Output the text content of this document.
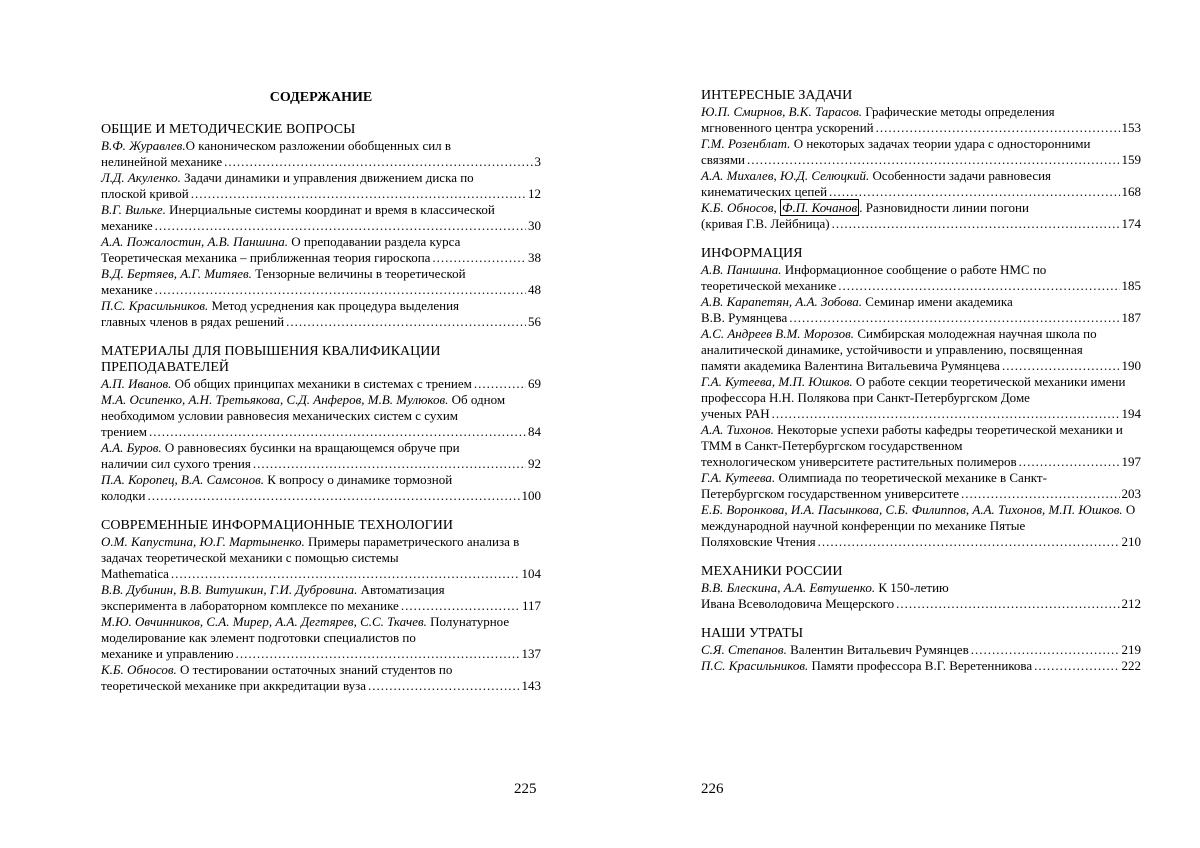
СОДЕРЖАНИЕ
ОБЩИЕ И МЕТОДИЧЕСКИЕ ВОПРОСЫ
В.Ф. Журавлев.О каноническом разложении обобщенных сил в
нелинейной механике .....	3
Л.Д. Акуленко. Задачи динамики и управления движением диска по
плоской кривой .....	12
В.Г. Вильке. Инерциальные системы координат и время в классической
механике .....	30
А.А. Пожалостин, А.В. Паншина. О преподавании раздела курса
Теоретическая механика – приближенная теория гироскопа .....	38
В.Д. Бертяев, А.Г. Митяев. Тензорные величины в теоретической
механике .....	48
П.С. Красильников. Метод усреднения как процедура выделения
главных членов в рядах решений .....	56
МАТЕРИАЛЫ ДЛЯ ПОВЫШЕНИЯ КВАЛИФИКАЦИИ ПРЕПОДАВАТЕЛЕЙ
А.П. Иванов. Об общих принципах механики в системах с трением .....	69
М.А. Осипенко, А.Н. Третьякова, С.Д. Анферов, М.В. Мулюков. Об одном необходимом условии равновесия механических систем с сухим
трением .....	84
А.А. Буров. О равновесиях бусинки на вращающемся обруче при
наличии сил сухого трения .....	92
П.А. Коропец, В.А. Самсонов. К вопросу о динамике тормозной
колодки .....	100
СОВРЕМЕННЫЕ ИНФОРМАЦИОННЫЕ ТЕХНОЛОГИИ
О.М. Капустина, Ю.Г. Мартыненко. Примеры параметрического анализа в задачах теоретической механики с помощью системы
Mathematica .....	104
В.В. Дубинин, В.В. Витушкин, Г.И. Дубровина. Автоматизация
эксперимента в лабораторном комплексе по механике .....	117
М.Ю. Овчинников, С.А. Мирер, А.А. Дегтярев, С.С. Ткачев. Полунатурное моделирование как элемент подготовки специалистов по
механике и управлению .....	137
К.Б. Обносов. О тестировании остаточных знаний студентов по
теоретической механике при аккредитации вуза .....	143
225
ИНТЕРЕСНЫЕ ЗАДАЧИ
Ю.П. Смирнов, В.К. Тарасов. Графические методы определения
мгновенного центра ускорений .....	153
Г.М. Розенблат. О некоторых задачах теории удара с односторонними
связями .....	159
А.А. Михалев, Ю.Д. Селюцкий. Особенности задачи равновесия
кинематических цепей .....	168
К.Б. Обносов, Ф.П. Кочанов . Разновидности линии погони
(кривая Г.В. Лейбница) .....	174
ИНФОРМАЦИЯ
А.В. Паншина. Информационное сообщение о работе НМС по
теоретической механике .....	185
А.В. Карапетян, А.А. Зобова. Семинар имени академика
В.В. Румянцева .....	187
А.С. Андреев В.М. Морозов. Симбирская молодежная научная школа по аналитической динамике, устойчивости и управлению, посвященная
памяти академика Валентина Витальевича Румянцева .....	190
Г.А. Кутеева, М.П. Юшков. О работе секции теоретической механики имени профессора Н.Н. Полякова при Санкт-Петербургском Доме
ученых РАН .....	194
А.А. Тихонов. Некоторые успехи работы кафедры теоретической механики и ТММ в Санкт-Петербургском государственном
технологическом университете растительных полимеров .....	197
Г.А. Кутеева. Олимпиада по теоретической механике в Санкт-
Петербургском государственном университете .....	203
Е.Б. Воронкова, И.А. Пасынкова, С.Б. Филиппов, А.А. Тихонов, М.П. Юшков. О международной научной конференции по механике Пятые
Поляховские Чтения .....	210
МЕХАНИКИ РОССИИ
В.В. Блескина, А.А. Евтушенко. К 150-летию
Ивана Всеволодовича Мещерского .....	212
НАШИ УТРАТЫ
С.Я. Степанов. Валентин Витальевич Румянцев .....	219
П.С. Красильников. Памяти профессора В.Г. Веретенникова .....	222
226
